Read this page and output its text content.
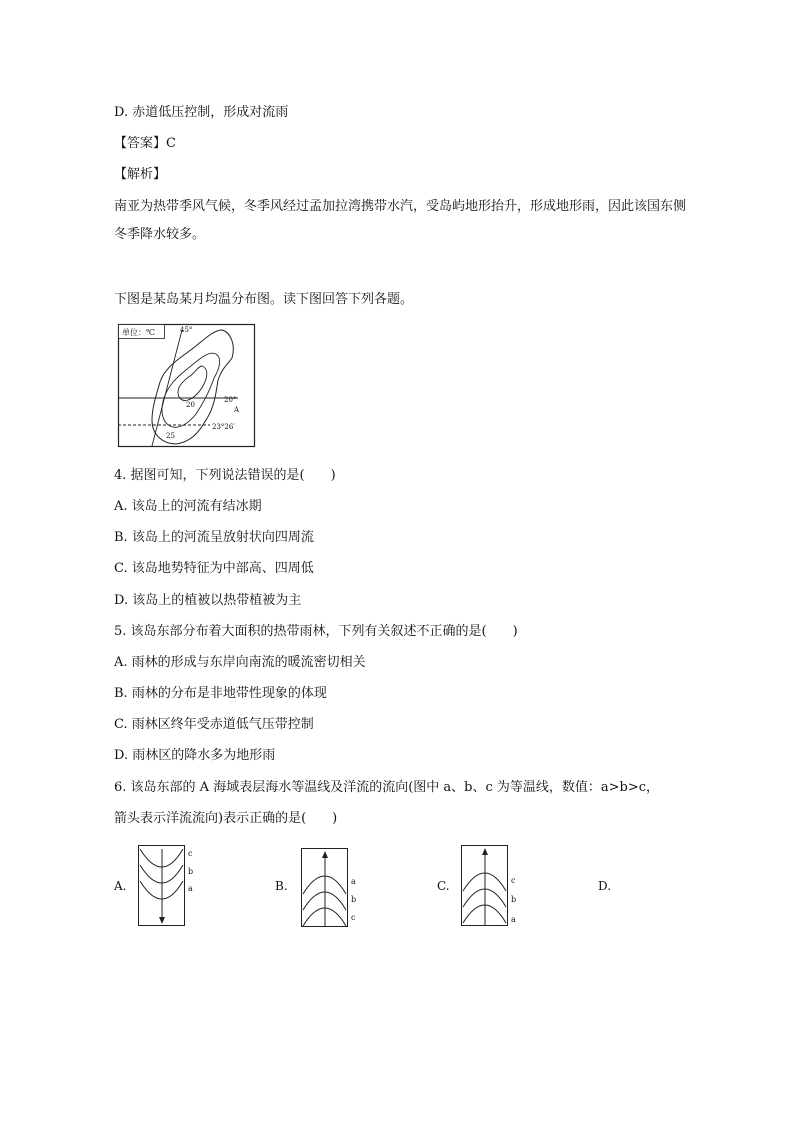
D. 赤道低压控制，形成对流雨
【答案】C
【解析】
南亚为热带季风气候，冬季风经过孟加拉湾携带水汽，受岛屿地形抬升，形成地形雨，因此该国东侧冬季降水较多。
下图是某岛某月均温分布图。读下图回答下列各题。
单位：℃	45°
20°
23°26′
20
25
A
4. 据图可知，下列说法错误的是(　　)
A. 该岛上的河流有结冰期
B. 该岛上的河流呈放射状向四周流
C. 该岛地势特征为中部高、四周低
D. 该岛上的植被以热带植被为主
5. 该岛东部分布着大面积的热带雨林，下列有关叙述不正确的是(　　)
A. 雨林的形成与东岸向南流的暖流密切相关
B. 雨林的分布是非地带性现象的体现
C. 雨林区终年受赤道低气压带控制
D. 雨林区的降水多为地形雨
6. 该岛东部的 A 海域表层海水等温线及洋流的流向(图中 a、b、c 为等温线，数值：a>b>c，
箭头表示洋流流向)表示正确的是(　　)
A.	B.	C.	D.
c
b
a
a
b
c
c
b
a
